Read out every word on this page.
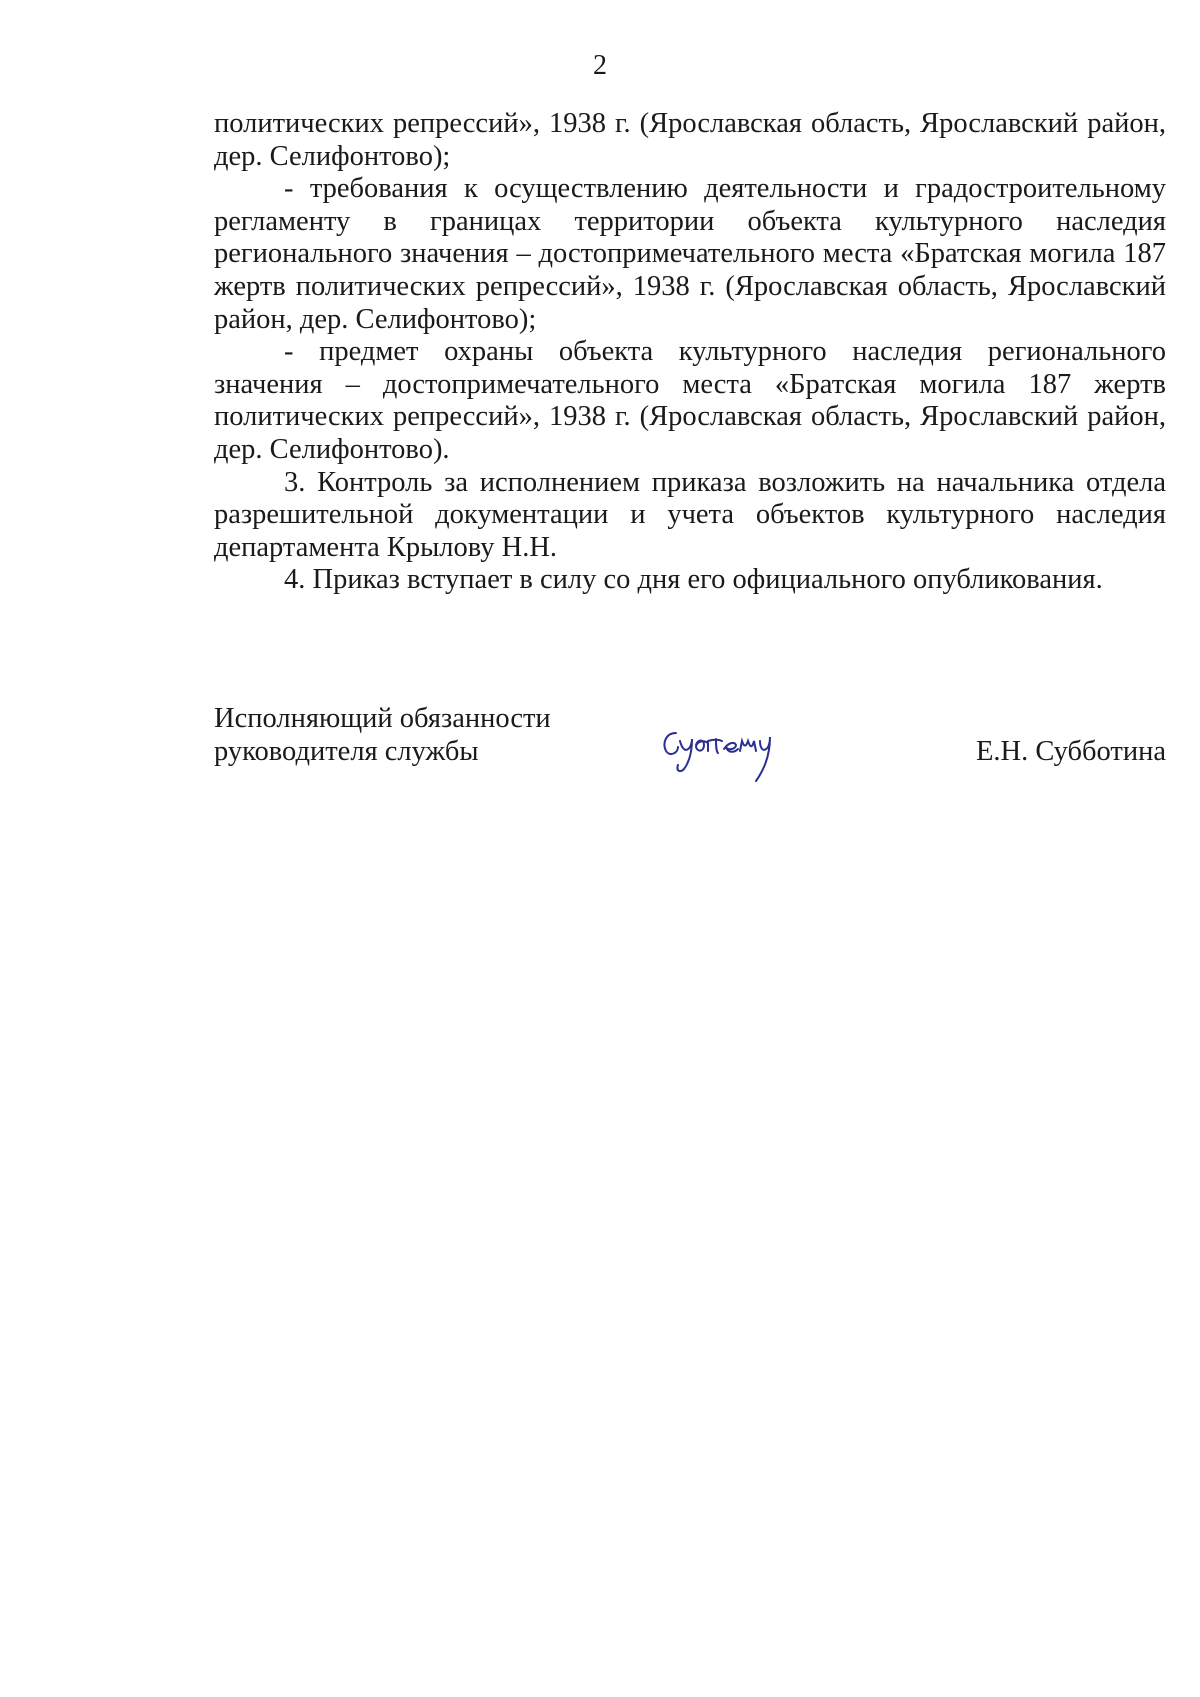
2

политических репрессий», 1938 г. (Ярославская область, Ярославский район, дер. Селифонтово);

- требования к осуществлению деятельности и градостроительному регламенту в границах территории объекта культурного наследия регионального значения – достопримечательного места «Братская могила 187 жертв политических репрессий», 1938 г. (Ярославская область, Ярославский район, дер. Селифонтово);

- предмет охраны объекта культурного наследия регионального значения – достопримечательного места «Братская могила 187 жертв политических репрессий», 1938 г. (Ярославская область, Ярославский район, дер. Селифонтово).

3. Контроль за исполнением приказа возложить на начальника отдела разрешительной документации и учета объектов культурного наследия департамента Крылову Н.Н.

4. Приказ вступает в силу со дня его официального опубликования.

Исполняющий обязанности
руководителя службы	Е.Н. Субботина
